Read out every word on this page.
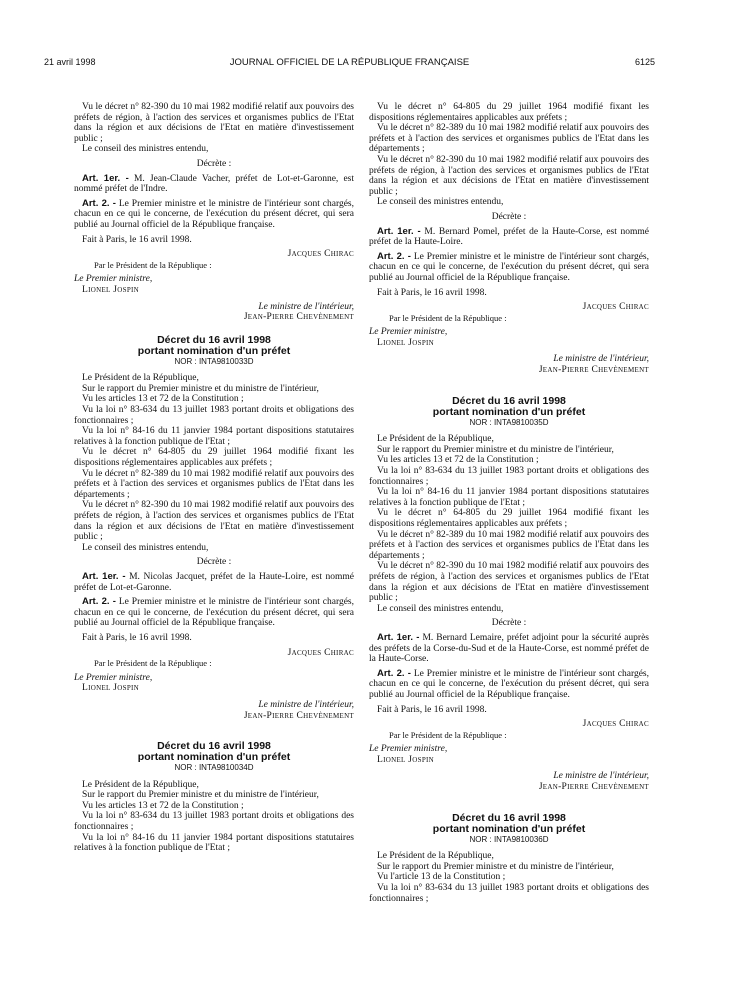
21 avril 1998	JOURNAL OFFICIEL DE LA RÉPUBLIQUE FRANÇAISE	6125

Vu le décret n° 82-390 du 10 mai 1982 modifié relatif aux pouvoirs des préfets de région, à l'action des services et organismes publics de l'Etat dans la région et aux décisions de l'Etat en matière d'investissement public ;

Le conseil des ministres entendu,

Décrète :

Art. 1er. - M. Jean-Claude Vacher, préfet de Lot-et-Garonne, est nommé préfet de l'Indre.

Art. 2. - Le Premier ministre et le ministre de l'intérieur sont chargés, chacun en ce qui le concerne, de l'exécution du présent décret, qui sera publié au Journal officiel de la République française.

Fait à Paris, le 16 avril 1998.

Jacques Chirac

Par le Président de la République :

Le Premier ministre,

Lionel Jospin

Le ministre de l'intérieur,

Jean-Pierre Chevènement

Décret du 16 avril 1998
portant nomination d'un préfet
NOR : INTA9810033D

Le Président de la République,

Sur le rapport du Premier ministre et du ministre de l'intérieur,

Vu les articles 13 et 72 de la Constitution ;

Vu la loi n° 83-634 du 13 juillet 1983 portant droits et obligations des fonctionnaires ;

Vu la loi n° 84-16 du 11 janvier 1984 portant dispositions statutaires relatives à la fonction publique de l'Etat ;

Vu le décret n° 64-805 du 29 juillet 1964 modifié fixant les dispositions réglementaires applicables aux préfets ;

Vu le décret n° 82-389 du 10 mai 1982 modifié relatif aux pouvoirs des préfets et à l'action des services et organismes publics de l'Etat dans les départements ;

Vu le décret n° 82-390 du 10 mai 1982 modifié relatif aux pouvoirs des préfets de région, à l'action des services et organismes publics de l'Etat dans la région et aux décisions de l'Etat en matière d'investissement public ;

Le conseil des ministres entendu,

Décrète :

Art. 1er. - M. Nicolas Jacquet, préfet de la Haute-Loire, est nommé préfet de Lot-et-Garonne.

Art. 2. - Le Premier ministre et le ministre de l'intérieur sont chargés, chacun en ce qui le concerne, de l'exécution du présent décret, qui sera publié au Journal officiel de la République française.

Fait à Paris, le 16 avril 1998.

Jacques Chirac

Par le Président de la République :

Le Premier ministre,

Lionel Jospin

Le ministre de l'intérieur,

Jean-Pierre Chevènement

Décret du 16 avril 1998
portant nomination d'un préfet
NOR : INTA9810034D

Le Président de la République,

Sur le rapport du Premier ministre et du ministre de l'intérieur,

Vu les articles 13 et 72 de la Constitution ;

Vu la loi n° 83-634 du 13 juillet 1983 portant droits et obligations des fonctionnaires ;

Vu la loi n° 84-16 du 11 janvier 1984 portant dispositions statutaires relatives à la fonction publique de l'Etat ;

Vu le décret n° 64-805 du 29 juillet 1964 modifié fixant les dispositions réglementaires applicables aux préfets ;

Vu le décret n° 82-389 du 10 mai 1982 modifié relatif aux pouvoirs des préfets et à l'action des services et organismes publics de l'Etat dans les départements ;

Vu le décret n° 82-390 du 10 mai 1982 modifié relatif aux pouvoirs des préfets de région, à l'action des services et organismes publics de l'Etat dans la région et aux décisions de l'Etat en matière d'investissement public ;

Le conseil des ministres entendu,

Décrète :

Art. 1er. - M. Bernard Pomel, préfet de la Haute-Corse, est nommé préfet de la Haute-Loire.

Art. 2. - Le Premier ministre et le ministre de l'intérieur sont chargés, chacun en ce qui le concerne, de l'exécution du présent décret, qui sera publié au Journal officiel de la République française.

Fait à Paris, le 16 avril 1998.

Jacques Chirac

Par le Président de la République :

Le Premier ministre,

Lionel Jospin

Le ministre de l'intérieur,

Jean-Pierre Chevènement

Décret du 16 avril 1998
portant nomination d'un préfet
NOR : INTA9810035D

Le Président de la République,

Sur le rapport du Premier ministre et du ministre de l'intérieur,

Vu les articles 13 et 72 de la Constitution ;

Vu la loi n° 83-634 du 13 juillet 1983 portant droits et obligations des fonctionnaires ;

Vu la loi n° 84-16 du 11 janvier 1984 portant dispositions statutaires relatives à la fonction publique de l'Etat ;

Vu le décret n° 64-805 du 29 juillet 1964 modifié fixant les dispositions réglementaires applicables aux préfets ;

Vu le décret n° 82-389 du 10 mai 1982 modifié relatif aux pouvoirs des préfets et à l'action des services et organismes publics de l'Etat dans les départements ;

Vu le décret n° 82-390 du 10 mai 1982 modifié relatif aux pouvoirs des préfets de région, à l'action des services et organismes publics de l'Etat dans la région et aux décisions de l'Etat en matière d'investissement public ;

Le conseil des ministres entendu,

Décrète :

Art. 1er. - M. Bernard Lemaire, préfet adjoint pour la sécurité auprès des préfets de la Corse-du-Sud et de la Haute-Corse, est nommé préfet de la Haute-Corse.

Art. 2. - Le Premier ministre et le ministre de l'intérieur sont chargés, chacun en ce qui le concerne, de l'exécution du présent décret, qui sera publié au Journal officiel de la République française.

Fait à Paris, le 16 avril 1998.

Jacques Chirac

Par le Président de la République :

Le Premier ministre,

Lionel Jospin

Le ministre de l'intérieur,

Jean-Pierre Chevènement

Décret du 16 avril 1998
portant nomination d'un préfet
NOR : INTA9810036D

Le Président de la République,

Sur le rapport du Premier ministre et du ministre de l'intérieur,

Vu l'article 13 de la Constitution ;

Vu la loi n° 83-634 du 13 juillet 1983 portant droits et obligations des fonctionnaires ;
